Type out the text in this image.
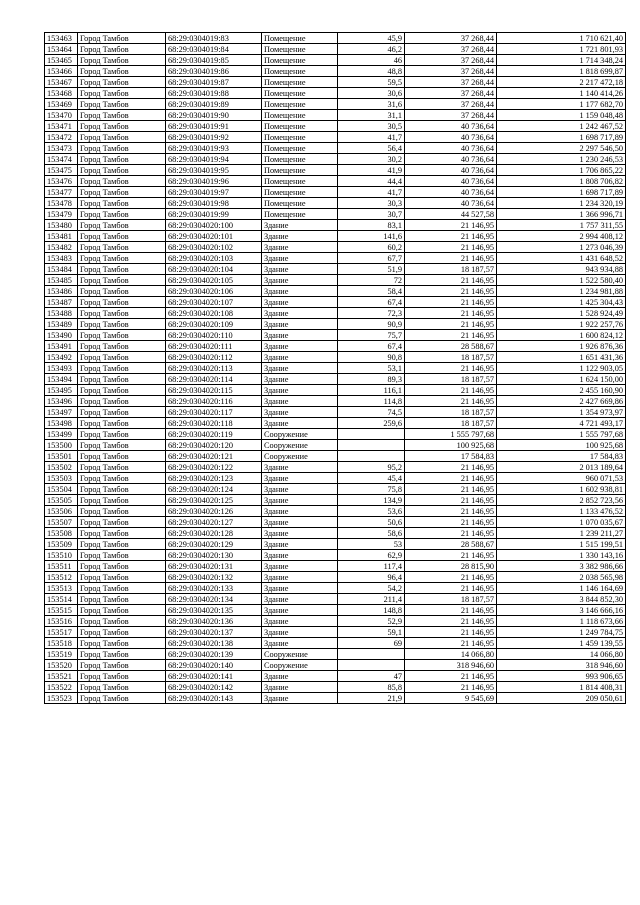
153463	Город Тамбов	68:29:0304019:83	Помещение	45,9	37 268,44	1 710 621,40
153464	Город Тамбов	68:29:0304019:84	Помещение	46,2	37 268,44	1 721 801,93
153465	Город Тамбов	68:29:0304019:85	Помещение	46	37 268,44	1 714 348,24
153466	Город Тамбов	68:29:0304019:86	Помещение	48,8	37 268,44	1 818 699,87
153467	Город Тамбов	68:29:0304019:87	Помещение	59,5	37 268,44	2 217 472,18
153468	Город Тамбов	68:29:0304019:88	Помещение	30,6	37 268,44	1 140 414,26
153469	Город Тамбов	68:29:0304019:89	Помещение	31,6	37 268,44	1 177 682,70
153470	Город Тамбов	68:29:0304019:90	Помещение	31,1	37 268,44	1 159 048,48
153471	Город Тамбов	68:29:0304019:91	Помещение	30,5	40 736,64	1 242 467,52
153472	Город Тамбов	68:29:0304019:92	Помещение	41,7	40 736,64	1 698 717,89
153473	Город Тамбов	68:29:0304019:93	Помещение	56,4	40 736,64	2 297 546,50
153474	Город Тамбов	68:29:0304019:94	Помещение	30,2	40 736,64	1 230 246,53
153475	Город Тамбов	68:29:0304019:95	Помещение	41,9	40 736,64	1 706 865,22
153476	Город Тамбов	68:29:0304019:96	Помещение	44,4	40 736,64	1 808 706,82
153477	Город Тамбов	68:29:0304019:97	Помещение	41,7	40 736,64	1 698 717,89
153478	Город Тамбов	68:29:0304019:98	Помещение	30,3	40 736,64	1 234 320,19
153479	Город Тамбов	68:29:0304019:99	Помещение	30,7	44 527,58	1 366 996,71
153480	Город Тамбов	68:29:0304020:100	Здание	83,1	21 146,95	1 757 311,55
153481	Город Тамбов	68:29:0304020:101	Здание	141,6	21 146,95	2 994 408,12
153482	Город Тамбов	68:29:0304020:102	Здание	60,2	21 146,95	1 273 046,39
153483	Город Тамбов	68:29:0304020:103	Здание	67,7	21 146,95	1 431 648,52
153484	Город Тамбов	68:29:0304020:104	Здание	51,9	18 187,57	943 934,88
153485	Город Тамбов	68:29:0304020:105	Здание	72	21 146,95	1 522 580,40
153486	Город Тамбов	68:29:0304020:106	Здание	58,4	21 146,95	1 234 981,88
153487	Город Тамбов	68:29:0304020:107	Здание	67,4	21 146,95	1 425 304,43
153488	Город Тамбов	68:29:0304020:108	Здание	72,3	21 146,95	1 528 924,49
153489	Город Тамбов	68:29:0304020:109	Здание	90,9	21 146,95	1 922 257,76
153490	Город Тамбов	68:29:0304020:110	Здание	75,7	21 146,95	1 600 824,12
153491	Город Тамбов	68:29:0304020:111	Здание	67,4	28 588,67	1 926 876,36
153492	Город Тамбов	68:29:0304020:112	Здание	90,8	18 187,57	1 651 431,36
153493	Город Тамбов	68:29:0304020:113	Здание	53,1	21 146,95	1 122 903,05
153494	Город Тамбов	68:29:0304020:114	Здание	89,3	18 187,57	1 624 150,00
153495	Город Тамбов	68:29:0304020:115	Здание	116,1	21 146,95	2 455 160,90
153496	Город Тамбов	68:29:0304020:116	Здание	114,8	21 146,95	2 427 669,86
153497	Город Тамбов	68:29:0304020:117	Здание	74,5	18 187,57	1 354 973,97
153498	Город Тамбов	68:29:0304020:118	Здание	259,6	18 187,57	4 721 493,17
153499	Город Тамбов	68:29:0304020:119	Сооружение		1 555 797,68	1 555 797,68
153500	Город Тамбов	68:29:0304020:120	Сооружение		100 925,68	100 925,68
153501	Город Тамбов	68:29:0304020:121	Сооружение		17 584,83	17 584,83
153502	Город Тамбов	68:29:0304020:122	Здание	95,2	21 146,95	2 013 189,64
153503	Город Тамбов	68:29:0304020:123	Здание	45,4	21 146,95	960 071,53
153504	Город Тамбов	68:29:0304020:124	Здание	75,8	21 146,95	1 602 938,81
153505	Город Тамбов	68:29:0304020:125	Здание	134,9	21 146,95	2 852 723,56
153506	Город Тамбов	68:29:0304020:126	Здание	53,6	21 146,95	1 133 476,52
153507	Город Тамбов	68:29:0304020:127	Здание	50,6	21 146,95	1 070 035,67
153508	Город Тамбов	68:29:0304020:128	Здание	58,6	21 146,95	1 239 211,27
153509	Город Тамбов	68:29:0304020:129	Здание	53	28 588,67	1 515 199,51
153510	Город Тамбов	68:29:0304020:130	Здание	62,9	21 146,95	1 330 143,16
153511	Город Тамбов	68:29:0304020:131	Здание	117,4	28 815,90	3 382 986,66
153512	Город Тамбов	68:29:0304020:132	Здание	96,4	21 146,95	2 038 565,98
153513	Город Тамбов	68:29:0304020:133	Здание	54,2	21 146,95	1 146 164,69
153514	Город Тамбов	68:29:0304020:134	Здание	211,4	18 187,57	3 844 852,30
153515	Город Тамбов	68:29:0304020:135	Здание	148,8	21 146,95	3 146 666,16
153516	Город Тамбов	68:29:0304020:136	Здание	52,9	21 146,95	1 118 673,66
153517	Город Тамбов	68:29:0304020:137	Здание	59,1	21 146,95	1 249 784,75
153518	Город Тамбов	68:29:0304020:138	Здание	69	21 146,95	1 459 139,55
153519	Город Тамбов	68:29:0304020:139	Сооружение		14 066,80	14 066,80
153520	Город Тамбов	68:29:0304020:140	Сооружение		318 946,60	318 946,60
153521	Город Тамбов	68:29:0304020:141	Здание	47	21 146,95	993 906,65
153522	Город Тамбов	68:29:0304020:142	Здание	85,8	21 146,95	1 814 408,31
153523	Город Тамбов	68:29:0304020:143	Здание	21,9	9 545,69	209 050,61
